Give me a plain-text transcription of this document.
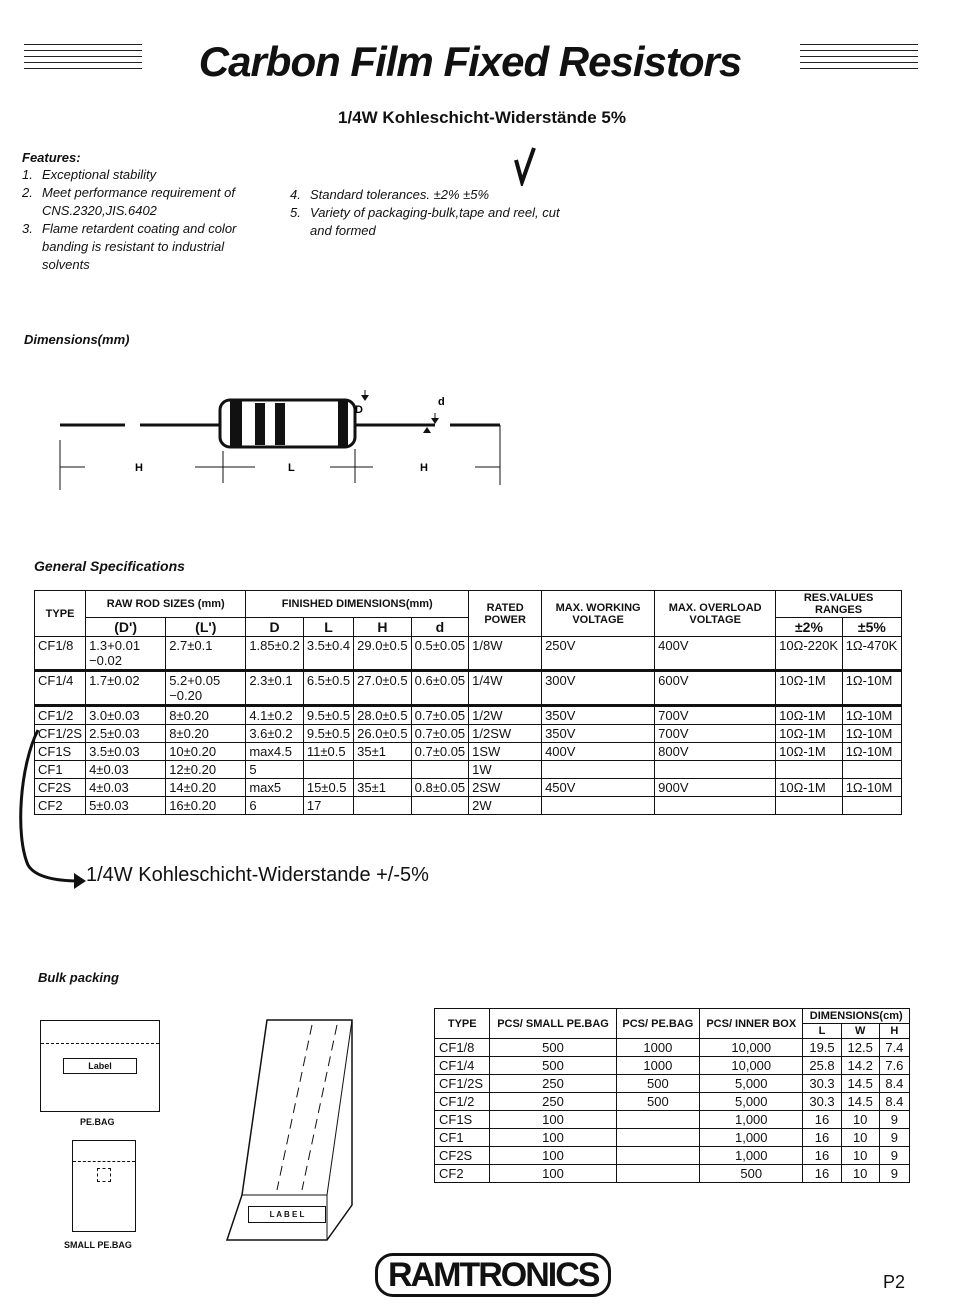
Carbon Film Fixed Resistors
1/4W Kohleschicht-Widerstände 5%
Features:
1. Exceptional stability
2. Meet performance requirement of CNS.2320,JIS.6402
3. Flame retardent coating and color banding is resistant to industrial solvents
4. Standard tolerances. ±2% ±5%
5. Variety of packaging-bulk,tape and reel, cut and formed
Dimensions(mm)
D
d
H	L	H
General Specifications
TYPE	RAW ROD SIZES (mm)		FINISHED DIMENSIONS(mm)				RATED POWER	MAX. WORKING VOLTAGE	MAX. OVERLOAD VOLTAGE	RES.VALUES RANGES	
	(D')	(L')	D	L	H	d				±2%	±5%
CF1/8	1.3+0.01 −0.02	2.7±0.1	1.85±0.2	3.5±0.4	29.0±0.5	0.5±0.05	1/8W	250V	400V	10Ω-220K	1Ω-470K
CF1/4	1.7±0.02	5.2+0.05 −0.20	2.3±0.1	6.5±0.5	27.0±0.5	0.6±0.05	1/4W	300V	600V	10Ω-1M	1Ω-10M
CF1/2	3.0±0.03	8±0.20	4.1±0.2	9.5±0.5	28.0±0.5	0.7±0.05	1/2W	350V	700V	10Ω-1M	1Ω-10M
CF1/2S	2.5±0.03	8±0.20	3.6±0.2	9.5±0.5	26.0±0.5	0.7±0.05	1/2SW	350V	700V	10Ω-1M	1Ω-10M
CF1S	3.5±0.03	10±0.20	max4.5	11±0.5	35±1	0.7±0.05	1SW	400V	800V	10Ω-1M	1Ω-10M
CF1	4±0.03	12±0.20	5				1W				
CF2S	4±0.03	14±0.20	max5	15±0.5	35±1	0.8±0.05	2SW	450V	900V	10Ω-1M	1Ω-10M
CF2	5±0.03	16±0.20	6	17			2W				
1/4W Kohleschicht-Widerstande +/-5%
Bulk packing
Label
PE.BAG
SMALL PE.BAG
L A B E L
TYPE	PCS/ SMALL PE.BAG	PCS/ PE.BAG	PCS/ INNER BOX	DIMENSIONS(cm)		
				L	W	H
CF1/8	500	1000	10,000	19.5	12.5	7.4
CF1/4	500	1000	10,000	25.8	14.2	7.6
CF1/2S	250	500	5,000	30.3	14.5	8.4
CF1/2	250	500	5,000	30.3	14.5	8.4
CF1S	100		1,000	16	10	9
CF1	100		1,000	16	10	9
CF2S	100		1,000	16	10	9
CF2	100		500	16	10	9
RAMTRONICS	P2
